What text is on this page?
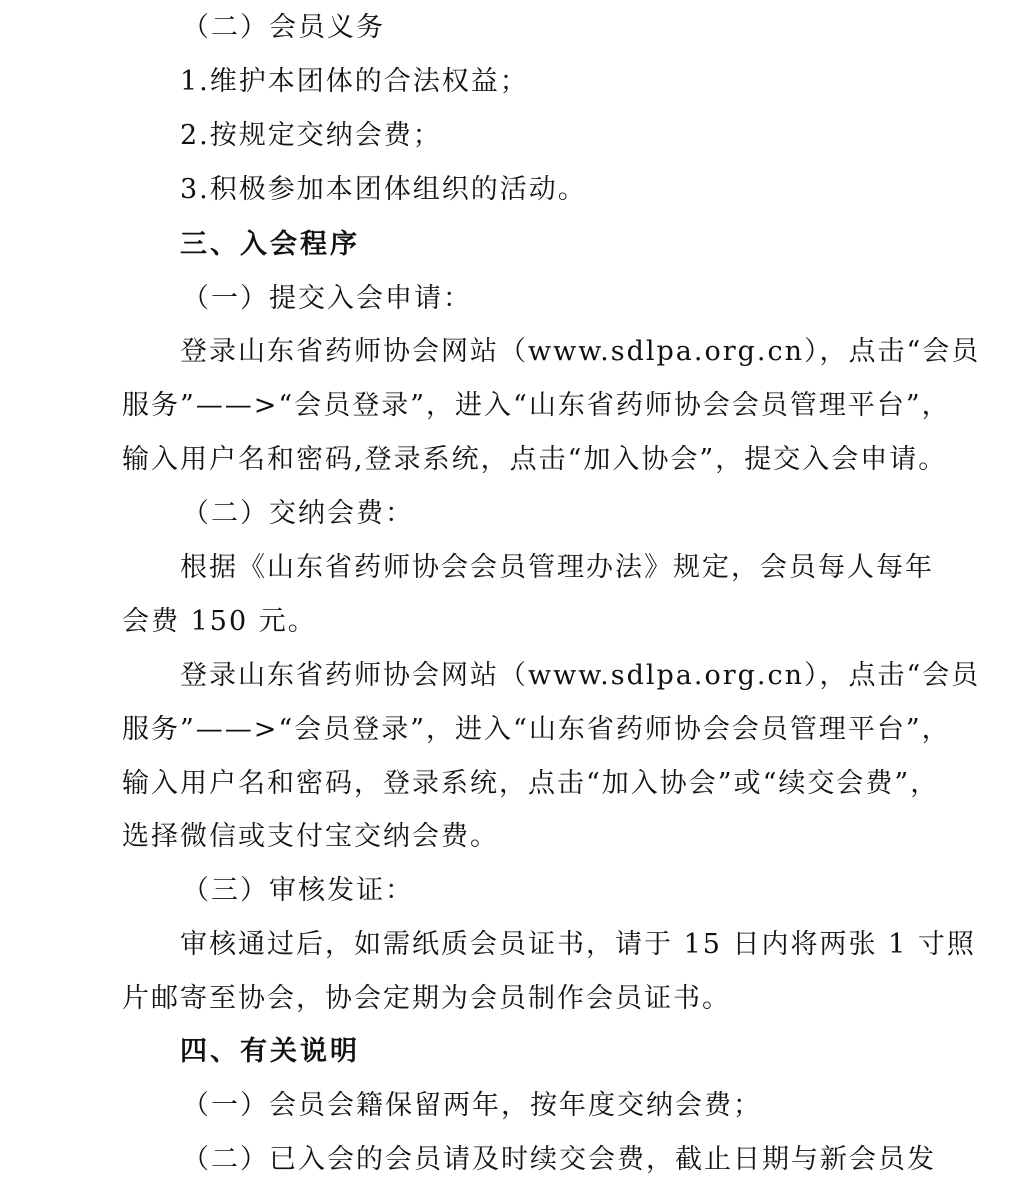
（二）会员义务
1.维护本团体的合法权益；
2.按规定交纳会费；
3.积极参加本团体组织的活动。
三、入会程序
（一）提交入会申请：
登录山东省药师协会网站（www.sdlpa.org.cn），点击“会员
服务”——>“会员登录”，进入“山东省药师协会会员管理平台”，
输入用户名和密码,登录系统，点击“加入协会”，提交入会申请。
（二）交纳会费：
根据《山东省药师协会会员管理办法》规定，会员每人每年
会费 150 元。
登录山东省药师协会网站（www.sdlpa.org.cn），点击“会员
服务”——>“会员登录”，进入“山东省药师协会会员管理平台”，
输入用户名和密码，登录系统，点击“加入协会”或“续交会费”，
选择微信或支付宝交纳会费。
（三）审核发证：
审核通过后，如需纸质会员证书，请于 15 日内将两张 1 寸照
片邮寄至协会，协会定期为会员制作会员证书。
四、有关说明
（一）会员会籍保留两年，按年度交纳会费；
（二）已入会的会员请及时续交会费，截止日期与新会员发
